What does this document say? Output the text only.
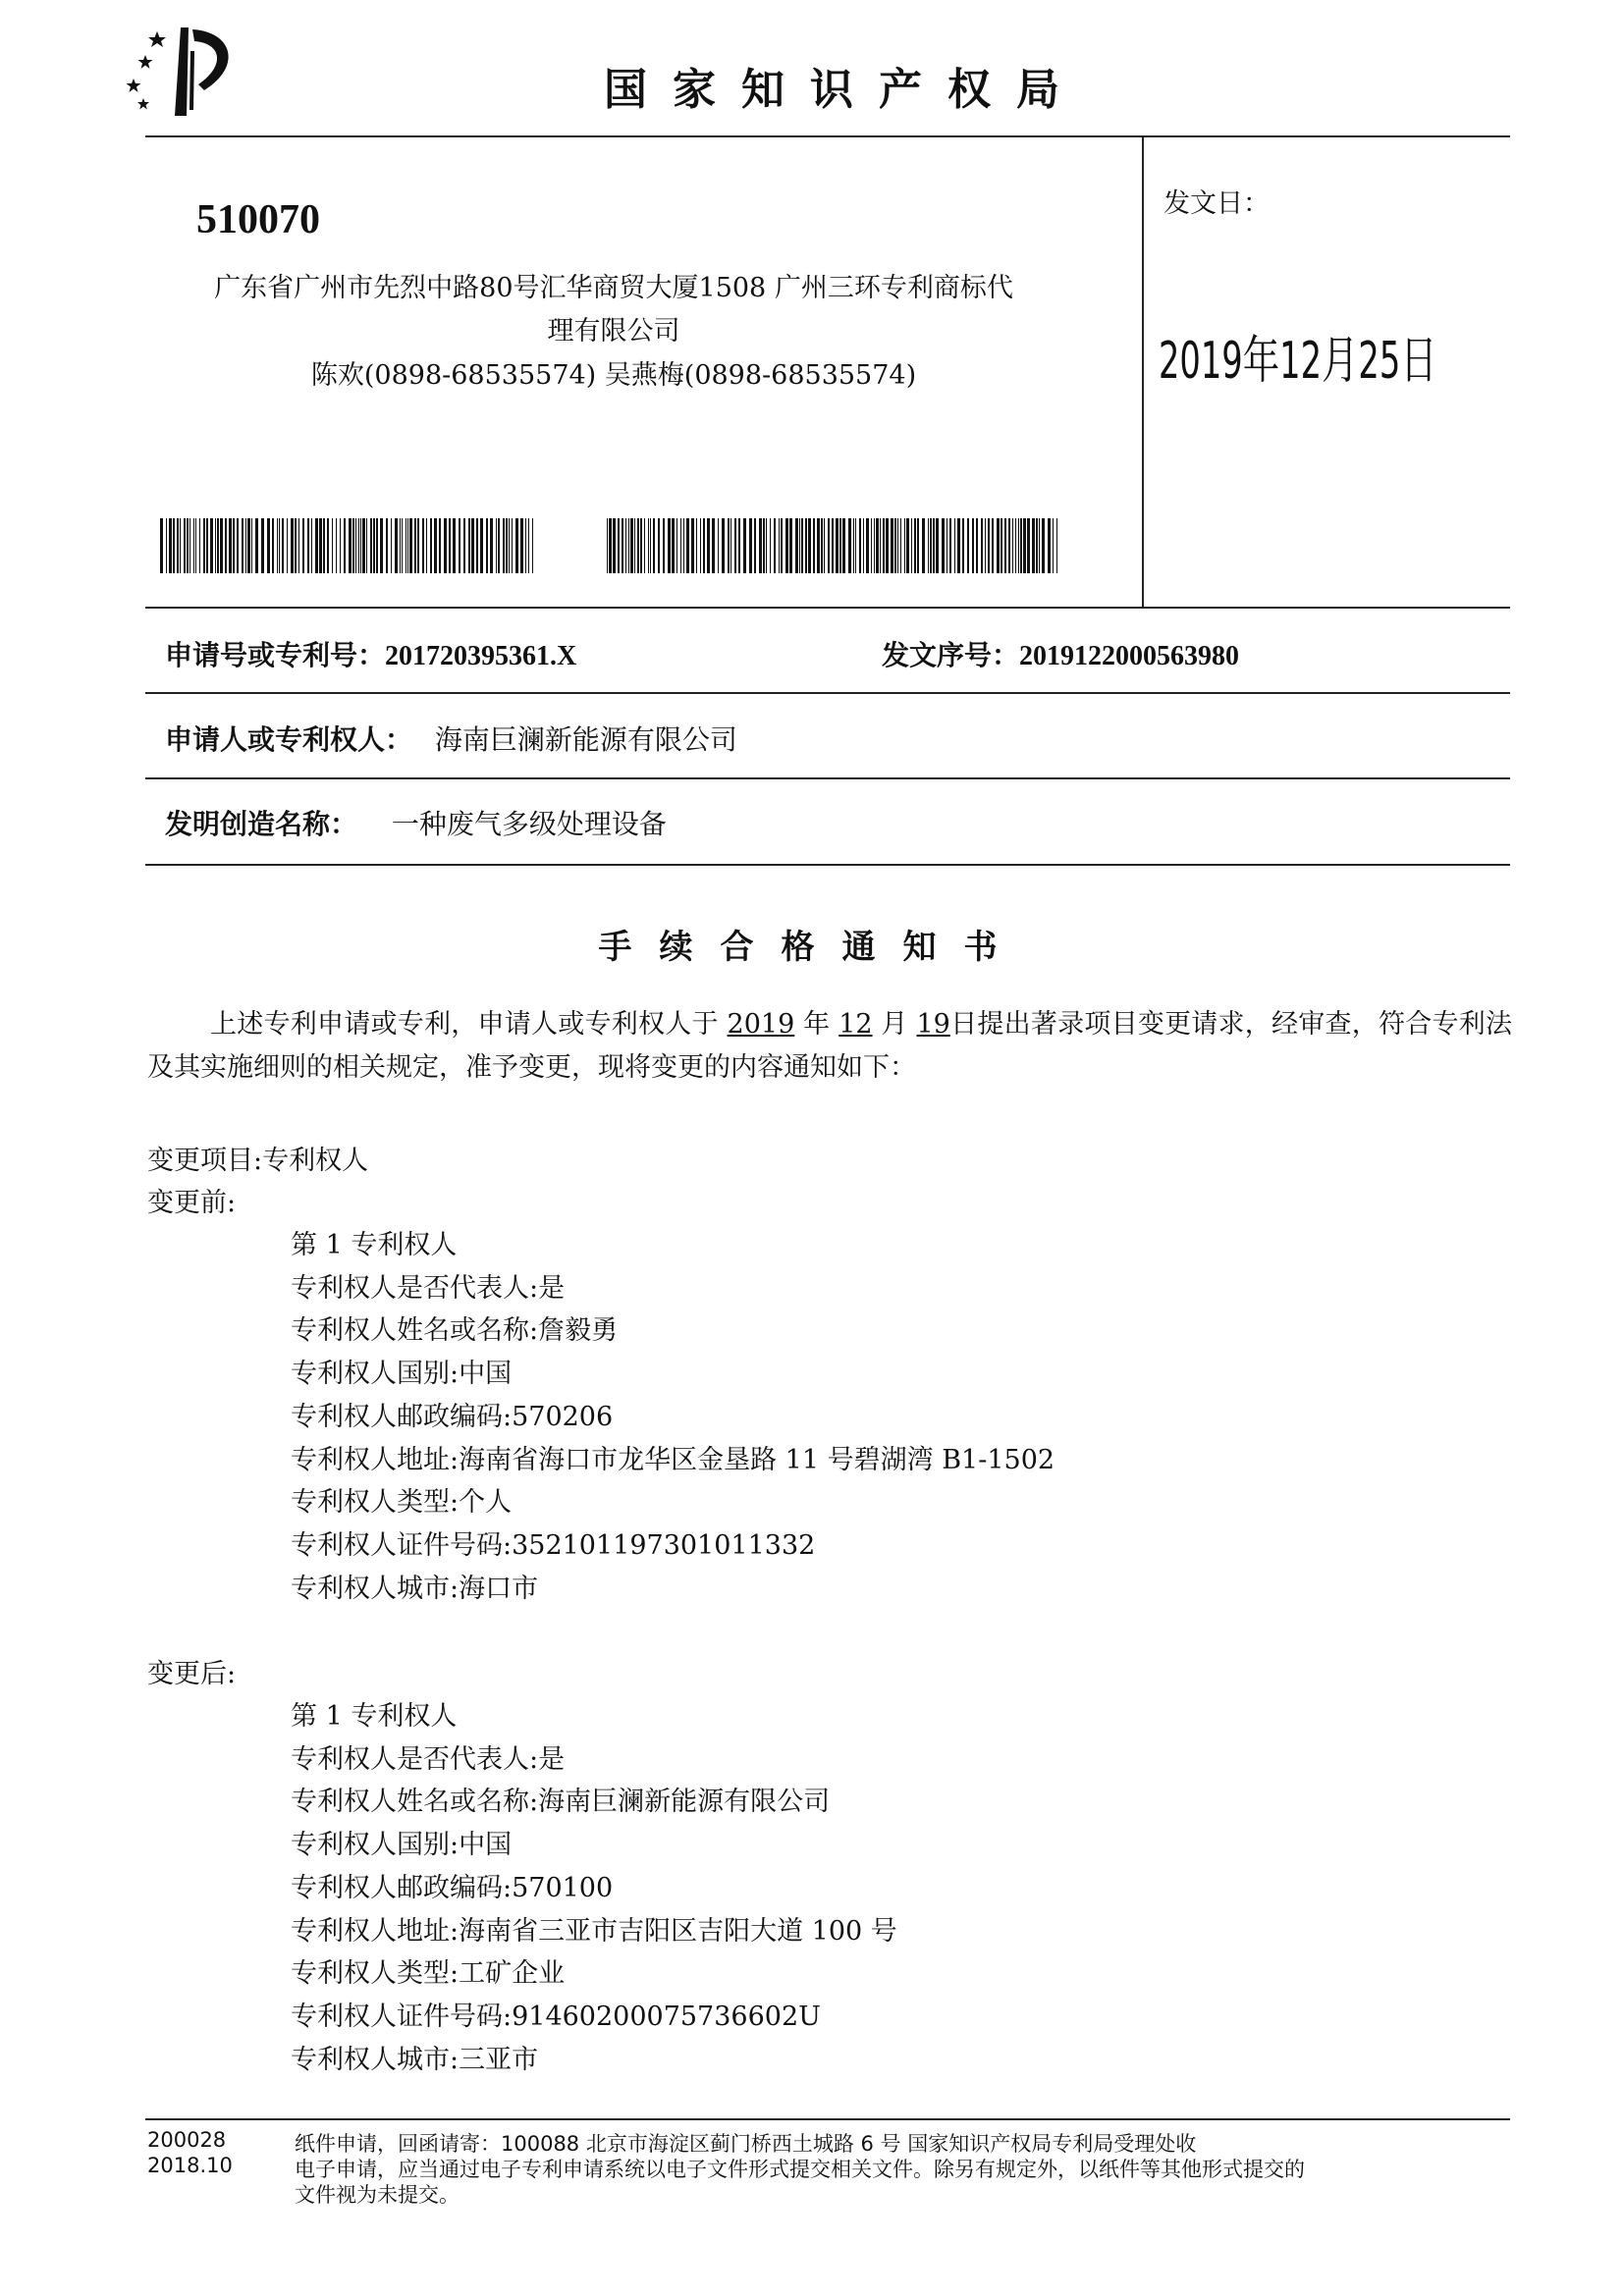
国家知识产权局
510070
广东省广州市先烈中路80号汇华商贸大厦1508 广州三环专利商标代
理有限公司
陈欢(0898-68535574) 吴燕梅(0898-68535574)
发文日：
2019年12月25日
申请号或专利号：201720395361.X	发文序号：2019122000563980
申请人或专利权人： 海南巨澜新能源有限公司
发明创造名称： 一种废气多级处理设备
手续合格通知书
上述专利申请或专利，申请人或专利权人于 2019 年 12 月 19日提出著录项目变更请求，经审查，符合专利法及其实施细则的相关规定，准予变更，现将变更的内容通知如下：
变更项目:专利权人
变更前:
第 1 专利权人
专利权人是否代表人:是
专利权人姓名或名称:詹毅勇
专利权人国别:中国
专利权人邮政编码:570206
专利权人地址:海南省海口市龙华区金垦路 11 号碧湖湾 B1-1502
专利权人类型:个人
专利权人证件号码:352101197301011332
专利权人城市:海口市
变更后:
第 1 专利权人
专利权人是否代表人:是
专利权人姓名或名称:海南巨澜新能源有限公司
专利权人国别:中国
专利权人邮政编码:570100
专利权人地址:海南省三亚市吉阳区吉阳大道 100 号
专利权人类型:工矿企业
专利权人证件号码:91460200075736602U
专利权人城市:三亚市
200028
2018.10
纸件申请，回函请寄：100088 北京市海淀区蓟门桥西土城路 6 号 国家知识产权局专利局受理处收
电子申请，应当通过电子专利申请系统以电子文件形式提交相关文件。除另有规定外，以纸件等其他形式提交的
文件视为未提交。
